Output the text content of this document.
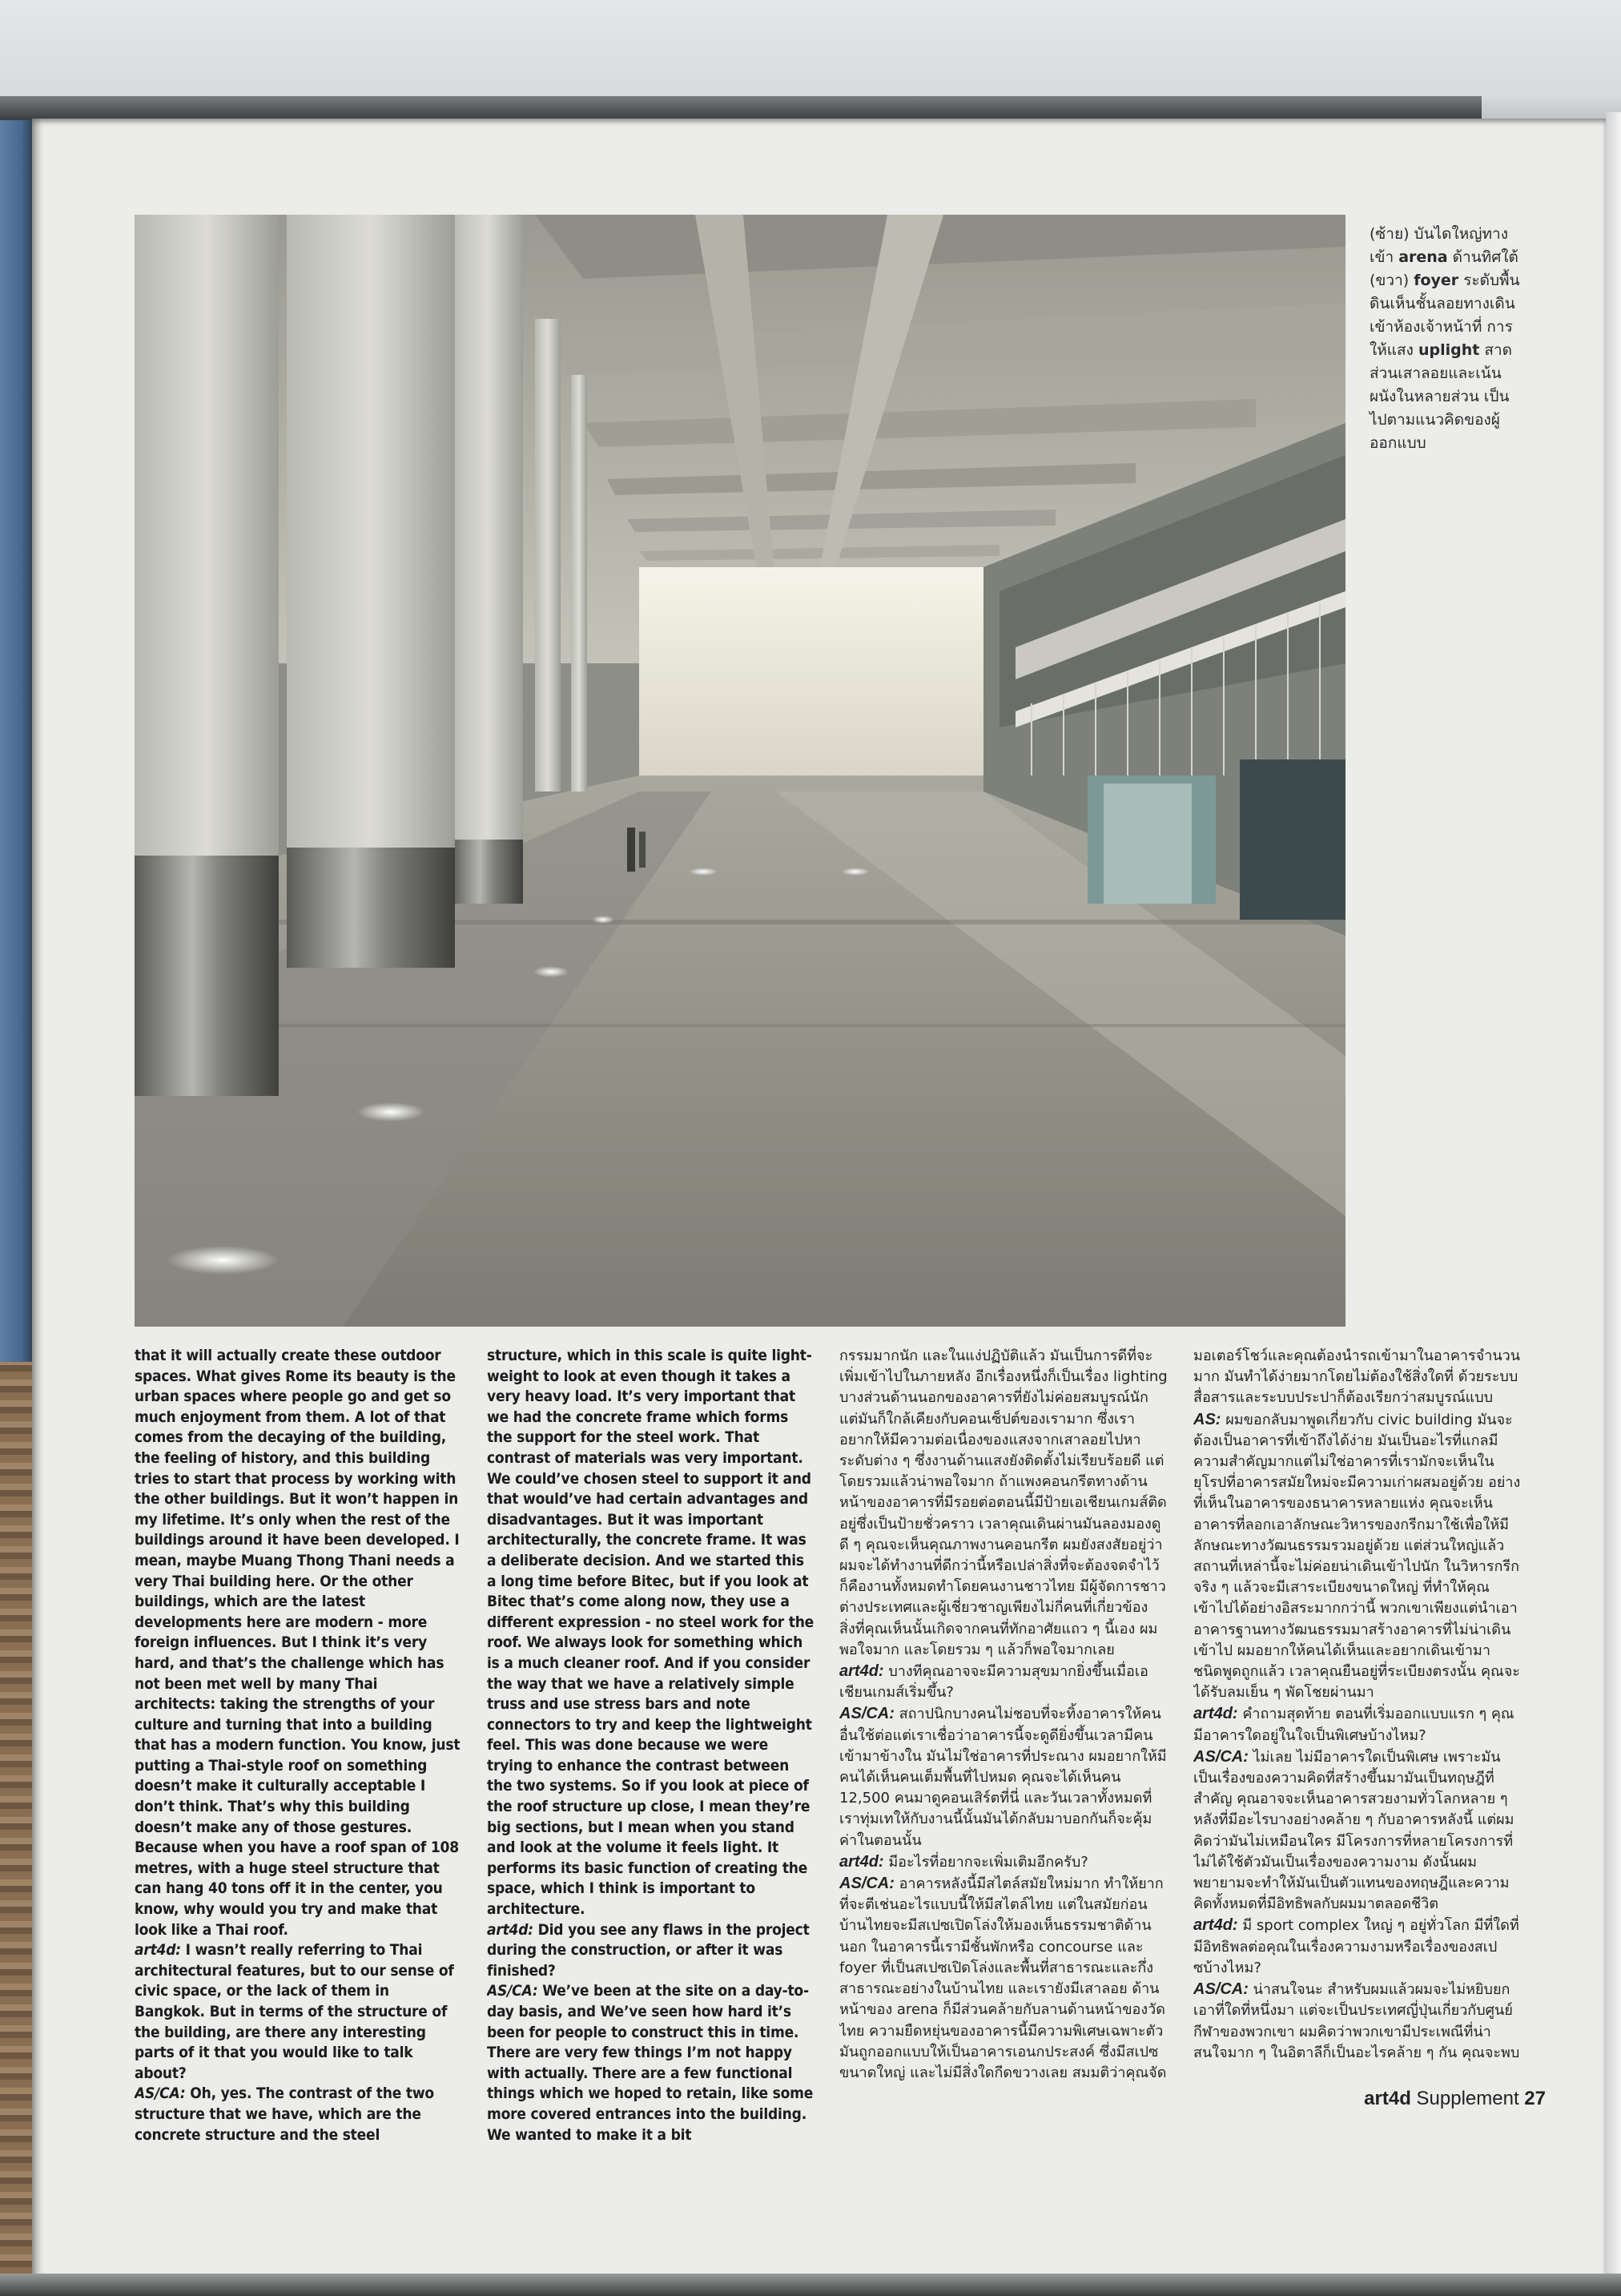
(ซ้าย) บันไดใหญ่ทางเข้า arena ด้านทิศใต้ (ขวา) foyer ระดับพื้นดินเห็นชั้นลอยทางเดินเข้าห้องเจ้าหน้าที่ การให้แสง uplight สาดส่วนเสาลอยและเน้นผนังในหลายส่วน เป็นไปตามแนวคิดของผู้ออกแบบ

that it will actually create these outdoor spaces. What gives Rome its beauty is the urban spaces where people go and get so much enjoyment from them. A lot of that comes from the decaying of the building, the feeling of history, and this building tries to start that process by working with the other buildings. But it won’t happen in my lifetime. It’s only when the rest of the buildings around it have been developed. I mean, maybe Muang Thong Thani needs a very Thai building here. Or the other buildings, which are the latest developments here are modern - more foreign influences. But I think it’s very hard, and that’s the challenge which has not been met well by many Thai architects: taking the strengths of your culture and turning that into a building that has a modern function. You know, just putting a Thai-style roof on something doesn’t make it culturally acceptable I don’t think. That’s why this building doesn’t make any of those gestures. Because when you have a roof span of 108 metres, with a huge steel structure that can hang 40 tons off it in the center, you know, why would you try and make that look like a Thai roof.

art4d: I wasn’t really referring to Thai architectural features, but to our sense of civic space, or the lack of them in Bangkok. But in terms of the structure of the building, are there any interesting parts of it that you would like to talk about?

AS/CA: Oh, yes. The contrast of the two structure that we have, which are the concrete structure and the steel

structure, which in this scale is quite light-weight to look at even though it takes a very heavy load. It’s very important that we had the concrete frame which forms the support for the steel work. That contrast of materials was very important. We could’ve chosen steel to support it and that would’ve had certain advantages and disadvantages. But it was important architecturally, the concrete frame. It was a deliberate decision. And we started this a long time before Bitec, but if you look at Bitec that’s come along now, they use a different expression - no steel work for the roof. We always look for something which is a much cleaner roof. And if you consider the way that we have a relatively simple truss and use stress bars and note connectors to try and keep the lightweight feel. This was done because we were trying to enhance the contrast between the two systems. So if you look at piece of the roof structure up close, I mean they’re big sections, but I mean when you stand and look at the volume it feels light. It performs its basic function of creating the space, which I think is important to architecture.

art4d: Did you see any flaws in the project during the construction, or after it was finished?

AS/CA: We’ve been at the site on a day-to-day basis, and We’ve seen how hard it’s been for people to construct this in time. There are very few things I’m not happy with actually. There are a few functional things which we hoped to retain, like some more covered entrances into the building. We wanted to make it a bit

กรรมมากนัก และในแง่ปฏิบัติแล้ว มันเป็นการดีที่จะเพิ่มเข้าไปในภายหลัง อีกเรื่องหนึ่งก็เป็นเรื่อง lighting บางส่วนด้านนอกของอาคารที่ยังไม่ค่อยสมบูรณ์นัก แต่มันก็ใกล้เคียงกับคอนเซ็ปต์ของเรามาก ซึ่งเราอยากให้มีความต่อเนื่องของแสงจากเสาลอยไปหาระดับต่าง ๆ ซึ่งงานด้านแสงยังติดตั้งไม่เรียบร้อยดี แต่โดยรวมแล้วน่าพอใจมาก ถ้าแพงคอนกรีตทางด้านหน้าของอาคารที่มีรอยต่อตอนนี้มีป้ายเอเชียนเกมส์ติดอยู่ซึ่งเป็นป้ายชั่วคราว เวลาคุณเดินผ่านมันลองมองดูดี ๆ คุณจะเห็นคุณภาพงานคอนกรีต ผมยังสงสัยอยู่ว่าผมจะได้ทำงานที่ดีกว่านี้หรือเปล่าสิ่งที่จะต้องจดจำไว้ก็คืองานทั้งหมดทำโดยคนงานชาวไทย มีผู้จัดการชาวต่างประเทศและผู้เชี่ยวชาญเพียงไม่กี่คนที่เกี่ยวข้อง สิ่งที่คุณเห็นนั้นเกิดจากคนที่ทักอาศัยแถว ๆ นี้เอง ผมพอใจมาก และโดยรวม ๆ แล้วก็พอใจมากเลย

art4d: บางทีคุณอาจจะมีความสุขมากยิ่งขึ้นเมื่อเอเชียนเกมส์เริ่มขึ้น?

AS/CA: สถาปนิกบางคนไม่ชอบที่จะทิ้งอาคารให้คนอื่นใช้ต่อแต่เราเชื่อว่าอาคารนี้จะดูดียิ่งขึ้นเวลามีคนเข้ามาข้างใน มันไม่ใช่อาคารที่ประณาง ผมอยากให้มีคนได้เห็นคนเต็มพื้นที่ไปหมด คุณจะได้เห็นคน 12,500 คนมาดูคอนเสิร์ตที่นี่ และวันเวลาทั้งหมดที่เราทุ่มเทให้กับงานนี้นั้นมันได้กลับมาบอกกันก็จะคุ้มค่าในตอนนั้น

art4d: มีอะไรที่อยากจะเพิ่มเติมอีกครับ?

AS/CA: อาคารหลังนี้มีสไตล์สมัยใหม่มาก ทำให้ยากที่จะตีเช่นอะไรแบบนี้ให้มีสไตล์ไทย แต่ในสมัยก่อนบ้านไทยจะมีสเปซเปิดโล่งให้มองเห็นธรรมชาติด้านนอก ในอาคารนี้เรามีชั้นพักหรือ concourse และ foyer ที่เป็นสเปซเปิดโล่งและพื้นที่สาธารณะและกึ่งสาธารณะอย่างในบ้านไทย และเรายังมีเสาลอย ด้านหน้าของ arena ก็มีส่วนคล้ายกับลานด้านหน้าของวัดไทย ความยืดหยุ่นของอาคารนี้มีความพิเศษเฉพาะตัว มันถูกออกแบบให้เป็นอาคารเอนกประสงค์ ซึ่งมีสเปซขนาดใหญ่ และไม่มีสิ่งใดกีดขวางเลย สมมติว่าคุณจัด

มอเตอร์โชว์และคุณต้องนำรถเข้ามาในอาคารจำนวนมาก มันทำได้ง่ายมากโดยไม่ต้องใช้สิ่งใดที่ ด้วยระบบสื่อสารและระบบประปาก็ต้องเรียกว่าสมบูรณ์แบบ

AS: ผมขอกลับมาพูดเกี่ยวกับ civic building มันจะต้องเป็นอาคารที่เข้าถึงได้ง่าย มันเป็นอะไรที่แกลมีความสำคัญมากแต่ไม่ใช่อาคารที่เรามักจะเห็นในยุโรปที่อาคารสมัยใหม่จะมีความเก่าผสมอยู่ด้วย อย่างที่เห็นในอาคารของธนาคารหลายแห่ง คุณจะเห็นอาคารที่ลอกเอาลักษณะวิหารของกรีกมาใช้เพื่อให้มีลักษณะทางวัฒนธรรมรวมอยู่ด้วย แต่ส่วนใหญ่แล้วสถานที่เหล่านี้จะไม่ค่อยน่าเดินเข้าไปนัก ในวิหารกรีกจริง ๆ แล้วจะมีเสาระเบียงขนาดใหญ่ ที่ทำให้คุณเข้าไปได้อย่างอิสระมากกว่านี้ พวกเขาเพียงแต่นำเอาอาคารฐานทางวัฒนธรรมมาสร้างอาคารที่ไม่น่าเดินเข้าไป ผมอยากให้คนได้เห็นและอยากเดินเข้ามา ชนิดพูดถูกแล้ว เวลาคุณยืนอยู่ที่ระเบียงตรงนั้น คุณจะได้รับลมเย็น ๆ พัดโชยผ่านมา

art4d: คำถามสุดท้าย ตอนที่เริ่มออกแบบแรก ๆ คุณมีอาคารใดอยู่ในใจเป็นพิเศษบ้างไหม?

AS/CA: ไม่เลย ไม่มีอาคารใดเป็นพิเศษ เพราะมันเป็นเรื่องของความคิดที่สร้างขึ้นมามันเป็นทฤษฎีที่สำคัญ คุณอาจจะเห็นอาคารสวยงามทั่วโลกหลาย ๆ หลังที่มีอะไรบางอย่างคล้าย ๆ กับอาคารหลังนี้ แต่ผมคิดว่ามันไม่เหมือนใคร มีโครงการที่หลายโครงการที่ไม่ได้ใช้ตัวมันเป็นเรื่องของความงาม ดังนั้นผมพยายามจะทำให้มันเป็นตัวแทนของทฤษฎีและความคิดทั้งหมดที่มีอิทธิพลกับผมมาตลอดชีวิต

art4d: มี sport complex ใหญ่ ๆ อยู่ทั่วโลก มีที่ใดที่มีอิทธิพลต่อคุณในเรื่องความงามหรือเรื่องของสเปซบ้างไหม?

AS/CA: น่าสนใจนะ สำหรับผมแล้วผมจะไม่หยิบยกเอาที่ใดที่หนึ่งมา แต่จะเป็นประเทศญี่ปุ่นเกี่ยวกับศูนย์กีฬาของพวกเขา ผมคิดว่าพวกเขามีประเพณีที่น่าสนใจมาก ๆ ในอิตาลีก็เป็นอะไรคล้าย ๆ กัน คุณจะพบ

art4d Supplement 27
